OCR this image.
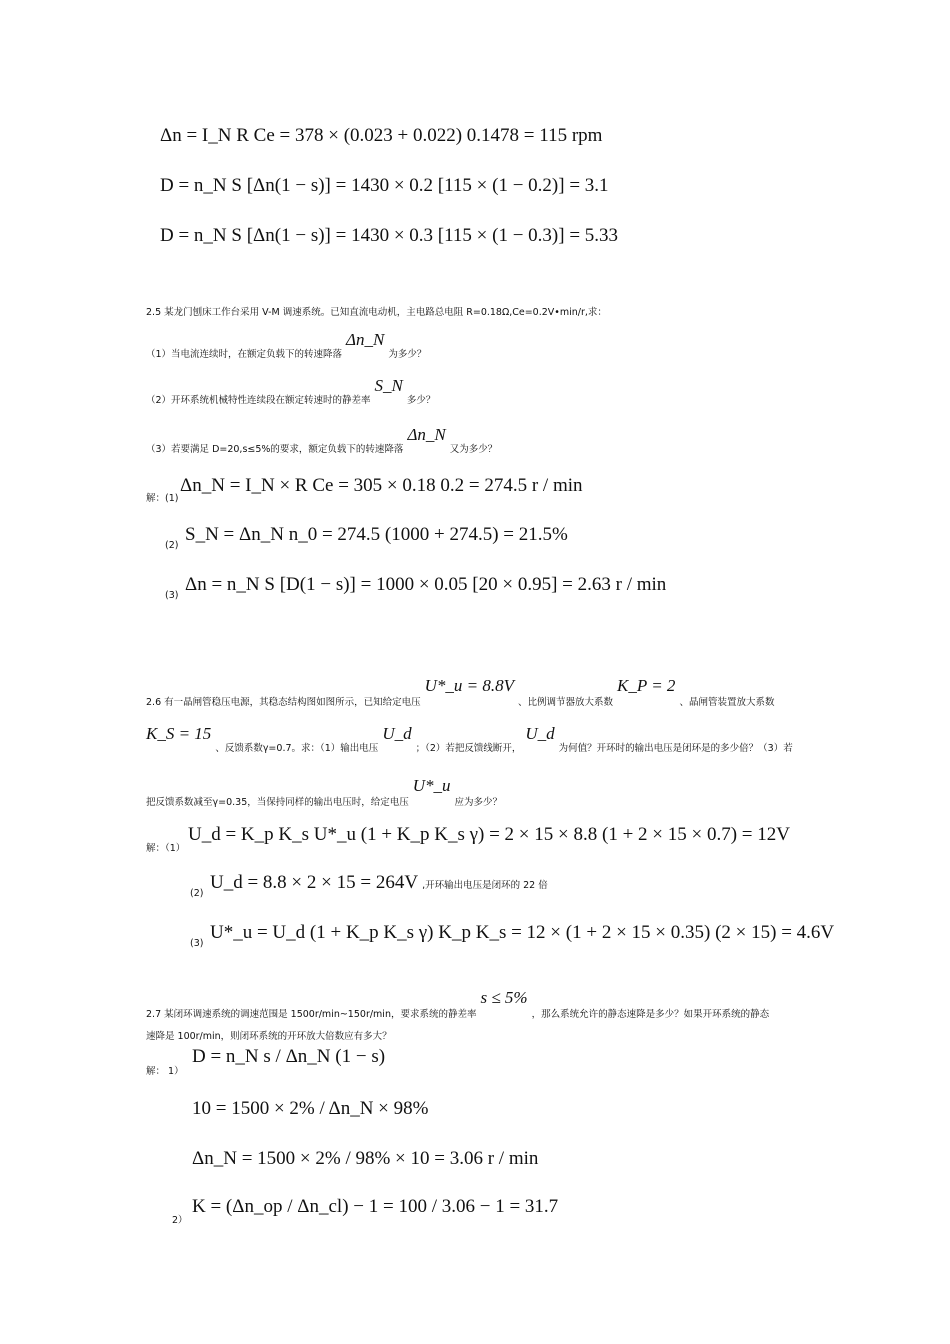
Δn = I_N R Ce = 378 × (0.023 + 0.022) 0.1478 = 115 rpm
D = n_N S [Δn(1 − s)] = 1430 × 0.2 [115 × (1 − 0.2)] = 3.1
D = n_N S [Δn(1 − s)] = 1430 × 0.3 [115 × (1 − 0.3)] = 5.33
2.5 某龙门刨床工作台采用 V-M 调速系统。已知直流电动机，主电路总电阻 R=0.18Ω,Ce=0.2V•min/r,求：
$_{(1)当电流连续时,在额定负载下的转速降落}$ Δn_N $_{为多少?}$
$_{(2)开环系统机械特性连续段在额定转速时的静差率}$ S_N $_{多少?}$
$_{(3)若要满足 D=20,s\le 5\%的要求,额定负载下的转速降落}$ Δn_N $_{又为多少?}$
解：(1)
Δn_N = I_N × R Ce = 305 × 0.18 0.2 = 274.5 r / min
(2)
S_N = Δn_N n_0 = 274.5 (1000 + 274.5) = 21.5%
(3)
Δn = n_N S [D(1 − s)] = 1000 × 0.05 [20 × 0.95] = 2.63 r / min
$_{2.6 有一晶闸管稳压电源,其稳态结构图如图所示,已知给定电压}$ U*_u = 8.8V $_{、比例调节器放大系数}$ K_P = 2 $_{、晶闸管装置放大系数}$
K_S = 15 $_{、反馈系数\gamma=0.7。求:(1)输出电压}$ U_d $_{;(2)若把反馈线断开,}$ U_d $_{为何值?开环时的输出电压是闭环是的多少倍?(3)若}$
$_{把反馈系数减至\gamma=0.35,当保持同样的输出电压时,给定电压}$ U*_u $_{应为多少?}$
解：（1）
U_d = K_p K_s U*_u (1 + K_p K_s γ) = 2 × 15 × 8.8 (1 + 2 × 15 × 0.7) = 12V
(2)
U_d = 8.8 × 2 × 15 = 264V ,开环输出电压是闭环的 22 倍
(3)
U*_u = U_d (1 + K_p K_s γ) K_p K_s = 12 × (1 + 2 × 15 × 0.35) (2 × 15) = 4.6V
$_{2.7 某闭环调速系统的调速范围是 1500r/min\sim 150r/min,要求系统的静差率}$ s ≤ 5% $_{,那么系统允许的静态速降是多少?如果开环系统的静态}$
速降是 100r/min，则闭环系统的开环放大倍数应有多大？
解： 1）
D = n_N s / Δn_N (1 − s)
10 = 1500 × 2% / Δn_N × 98%
Δn_N = 1500 × 2% / 98% × 10 = 3.06 r / min
2）
K = (Δn_op / Δn_cl) − 1 = 100 / 3.06 − 1 = 31.7
